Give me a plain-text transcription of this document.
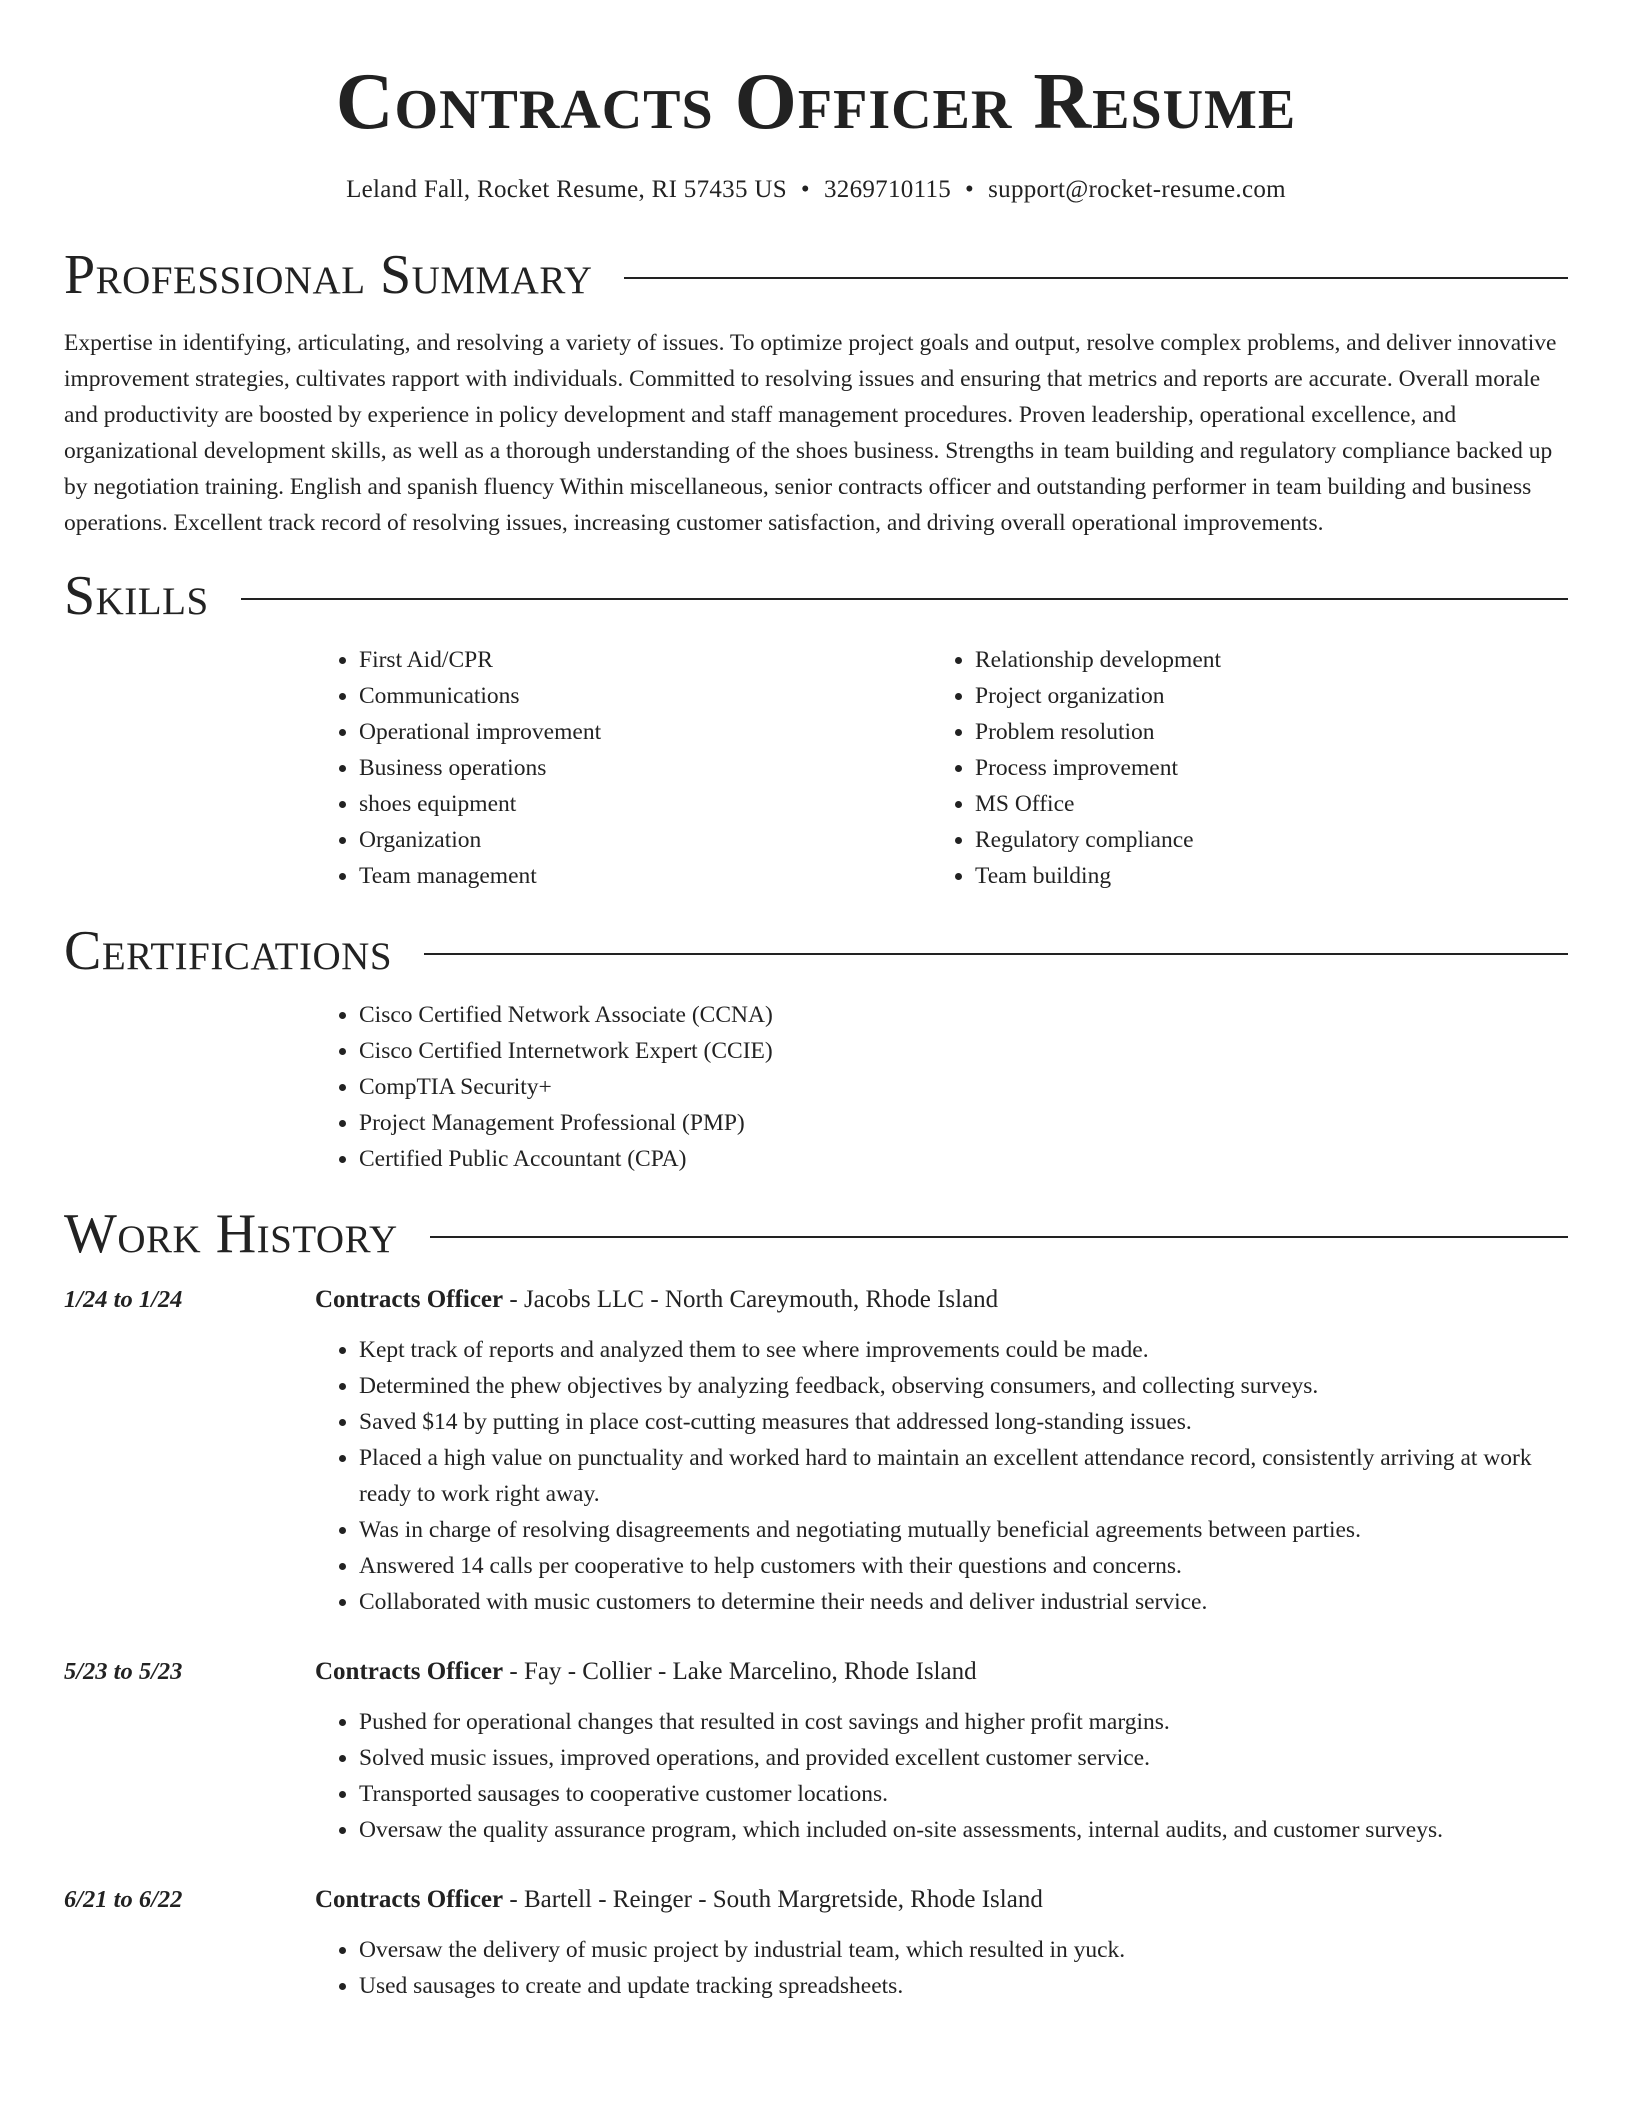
Contracts Officer Resume
Leland Fall, Rocket Resume, RI 57435 US • 3269710115 • support@rocket-resume.com
Professional Summary

Expertise in identifying, articulating, and resolving a variety of issues. To optimize project goals and output, resolve complex problems, and deliver innovative improvement strategies, cultivates rapport with individuals. Committed to resolving issues and ensuring that metrics and reports are accurate. Overall morale and productivity are boosted by experience in policy development and staff management procedures. Proven leadership, operational excellence, and organizational development skills, as well as a thorough understanding of the shoes business. Strengths in team building and regulatory compliance backed up by negotiation training. English and spanish fluency Within miscellaneous, senior contracts officer and outstanding performer in team building and business operations. Excellent track record of resolving issues, increasing customer satisfaction, and driving overall operational improvements.

Skills
• First Aid/CPR
• Communications
• Operational improvement
• Business operations
• shoes equipment
• Organization
• Team management
• Relationship development
• Project organization
• Problem resolution
• Process improvement
• MS Office
• Regulatory compliance
• Team building
Certifications
• Cisco Certified Network Associate (CCNA)
• Cisco Certified Internetwork Expert (CCIE)
• CompTIA Security+
• Project Management Professional (PMP)
• Certified Public Accountant (CPA)
Work History
1/24 to 1/24	Contracts Officer - Jacobs LLC - North Careymouth, Rhode Island
• Kept track of reports and analyzed them to see where improvements could be made.
• Determined the phew objectives by analyzing feedback, observing consumers, and collecting surveys.
• Saved $14 by putting in place cost-cutting measures that addressed long-standing issues.
• Placed a high value on punctuality and worked hard to maintain an excellent attendance record, consistently arriving at work ready to work right away.
• Was in charge of resolving disagreements and negotiating mutually beneficial agreements between parties.
• Answered 14 calls per cooperative to help customers with their questions and concerns.
• Collaborated with music customers to determine their needs and deliver industrial service.
5/23 to 5/23	Contracts Officer - Fay - Collier - Lake Marcelino, Rhode Island
• Pushed for operational changes that resulted in cost savings and higher profit margins.
• Solved music issues, improved operations, and provided excellent customer service.
• Transported sausages to cooperative customer locations.
• Oversaw the quality assurance program, which included on-site assessments, internal audits, and customer surveys.
6/21 to 6/22	Contracts Officer - Bartell - Reinger - South Margretside, Rhode Island
• Oversaw the delivery of music project by industrial team, which resulted in yuck.
• Used sausages to create and update tracking spreadsheets.
